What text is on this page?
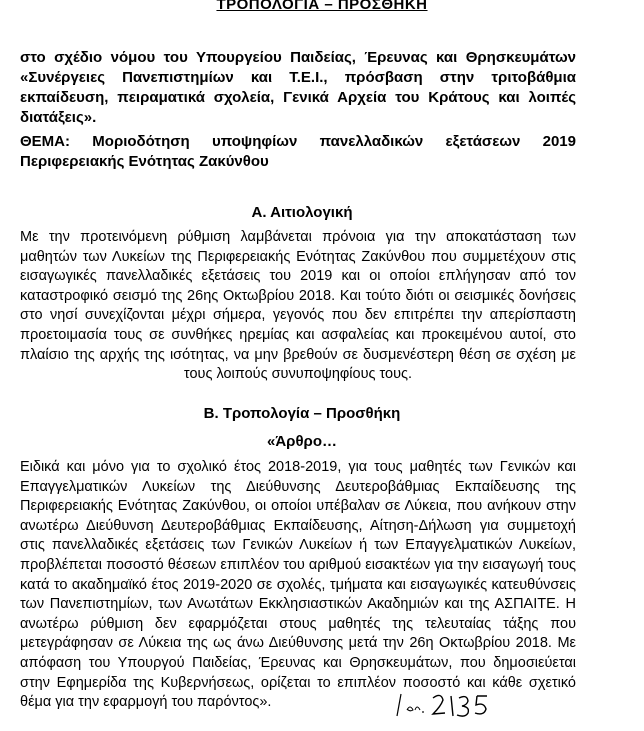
ΤΡΟΠΟΛΟΓΙΑ – ΠΡΟΣΘΗΚΗ
στο σχέδιο νόμου του Υπουργείου Παιδείας, Έρευνας και Θρησκευμάτων «Συνέργειες Πανεπιστημίων και Τ.Ε.Ι., πρόσβαση στην τριτοβάθμια εκπαίδευση, πειραματικά σχολεία, Γενικά Αρχεία του Κράτους και λοιπές διατάξεις».
ΘΕΜΑ: Μοριοδότηση υποψηφίων πανελλαδικών εξετάσεων 2019 Περιφερειακής Ενότητας Ζακύνθου
Α. Αιτιολογική
Με την προτεινόμενη ρύθμιση λαμβάνεται πρόνοια για την αποκατάσταση των μαθητών των Λυκείων της Περιφερειακής Ενότητας Ζακύνθου που συμμετέχουν στις εισαγωγικές πανελλαδικές εξετάσεις του 2019 και οι οποίοι επλήγησαν από τον καταστροφικό σεισμό της 26ης Οκτωβρίου 2018. Και τούτο διότι οι σεισμικές δονήσεις στο νησί συνεχίζονται μέχρι σήμερα, γεγονός που δεν επιτρέπει την απερίσπαστη προετοιμασία τους σε συνθήκες ηρεμίας και ασφαλείας και προκειμένου αυτοί, στο πλαίσιο της αρχής της ισότητας, να μην βρεθούν σε δυσμενέστερη θέση σε σχέση με τους λοιπούς συνυποψηφίους τους.
Β. Τροπολογία – Προσθήκη
«Άρθρο…
Ειδικά και μόνο για το σχολικό έτος 2018-2019, για τους μαθητές των Γενικών και Επαγγελματικών Λυκείων της Διεύθυνσης Δευτεροβάθμιας Εκπαίδευσης της Περιφερειακής Ενότητας Ζακύνθου, οι οποίοι υπέβαλαν σε Λύκεια, που ανήκουν στην ανωτέρω Διεύθυνση Δευτεροβάθμιας Εκπαίδευσης, Αίτηση-Δήλωση για συμμετοχή στις πανελλαδικές εξετάσεις των Γενικών Λυκείων ή των Επαγγελματικών Λυκείων, προβλέπεται ποσοστό θέσεων επιπλέον του αριθμού εισακτέων για την εισαγωγή τους κατά το ακαδημαϊκό έτος 2019-2020 σε σχολές, τμήματα και εισαγωγικές κατευθύνσεις των Πανεπιστημίων, των Ανωτάτων Εκκλησιαστικών Ακαδημιών και της ΑΣΠΑΙΤΕ. Η ανωτέρω ρύθμιση δεν εφαρμόζεται στους μαθητές της τελευταίας τάξης που μετεγράφησαν σε Λύκεια της ως άνω Διεύθυνσης μετά την 26η Οκτωβρίου 2018. Με απόφαση του Υπουργού Παιδείας, Έρευνας και Θρησκευμάτων, που δημοσιεύεται στην Εφημερίδα της Κυβερνήσεως, ορίζεται το επιπλέον ποσοστό και κάθε σχετικό θέμα για την εφαρμογή του παρόντος».
